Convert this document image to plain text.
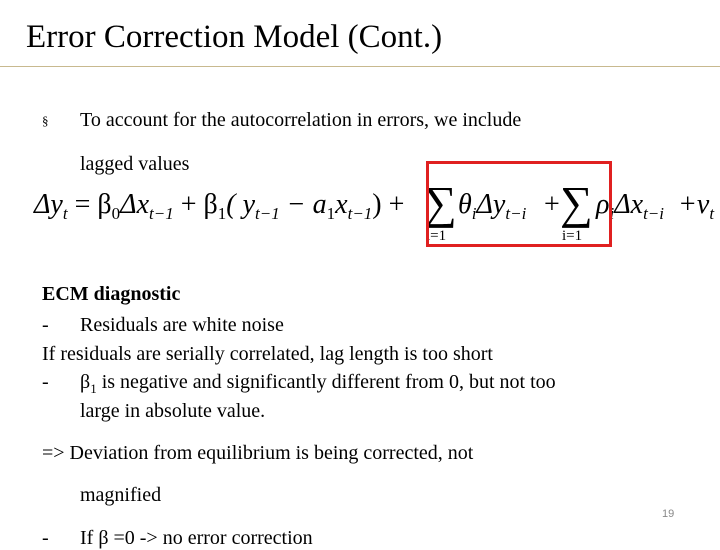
Error Correction Model (Cont.)
§ To account for the autocorrelation in errors, we include
lagged values
$\Delta y_t = \beta_0\Delta x_{t-1} + \beta_1$( $y_{t-1} - a_1x_{t-1}$) + ∑
i=1
$\theta_i\Delta y_{t-i}$ + ∑
i=1
$\rho_i\Delta x_{t-i} +\nu_t$
ECM diagnostic
- Residuals are white noise
If residuals are serially correlated, lag length is too short
- $\beta_1$ is negative and significantly different from 0, but not too
large in absolute value.
=> Deviation from equilibrium is being corrected, not
magnified
19
- If β =0 -> no error correction
